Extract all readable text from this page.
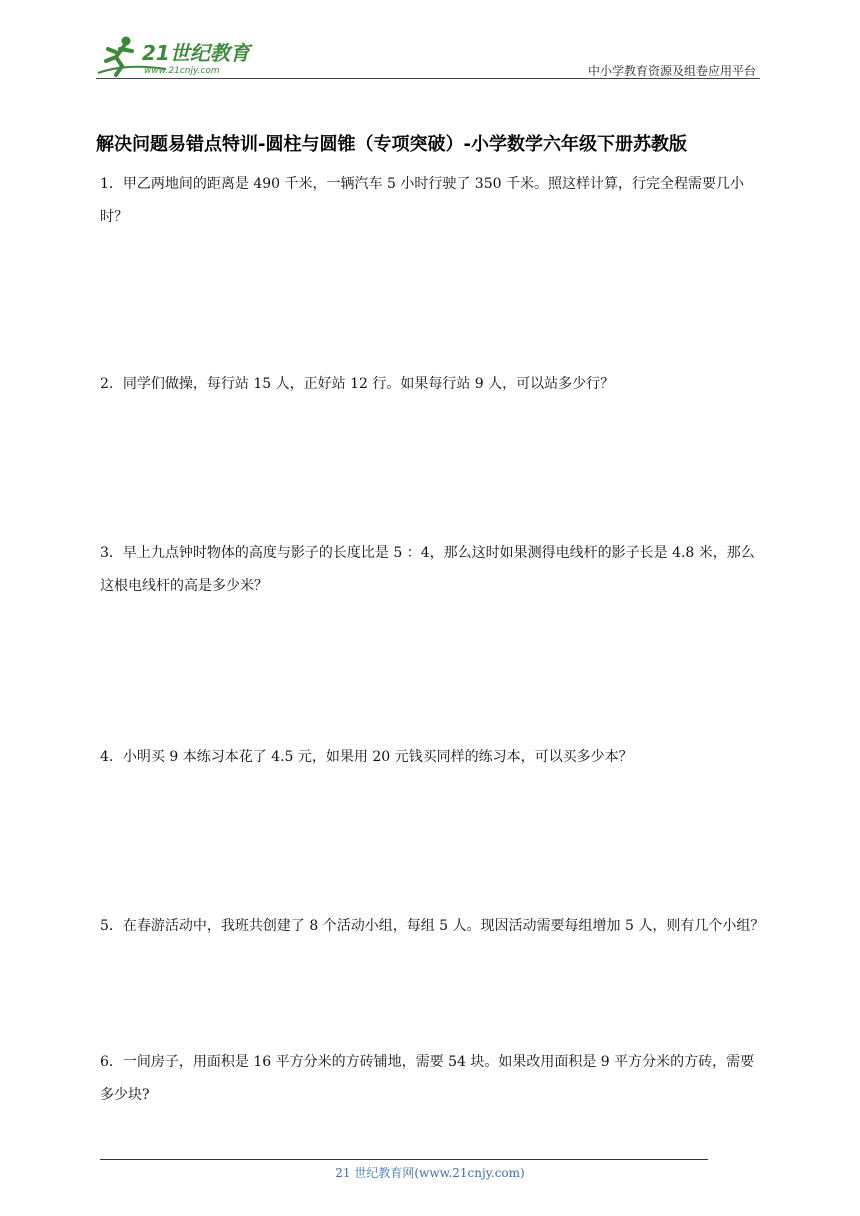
21世纪教育
www.21cnjy.com	中小学教育资源及组卷应用平台
解决问题易错点特训-圆柱与圆锥（专项突破）-小学数学六年级下册苏教版
1．甲乙两地间的距离是 490 千米，一辆汽车 5 小时行驶了 350 千米。照这样计算，行完全程需要几小时？
2．同学们做操，每行站 15 人，正好站 12 行。如果每行站 9 人，可以站多少行？
3．早上九点钟时物体的高度与影子的长度比是 5 ：4，那么这时如果测得电线杆的影子长是 4.8 米，那么这根电线杆的高是多少米？
4．小明买 9 本练习本花了 4.5 元，如果用 20 元钱买同样的练习本，可以买多少本？
5．在春游活动中，我班共创建了 8 个活动小组，每组 5 人。现因活动需要每组增加 5 人，则有几个小组？
6．一间房子，用面积是 16 平方分米的方砖铺地，需要 54 块。如果改用面积是 9 平方分米的方砖，需要多少块?
21 世纪教育网(www.21cnjy.com)
